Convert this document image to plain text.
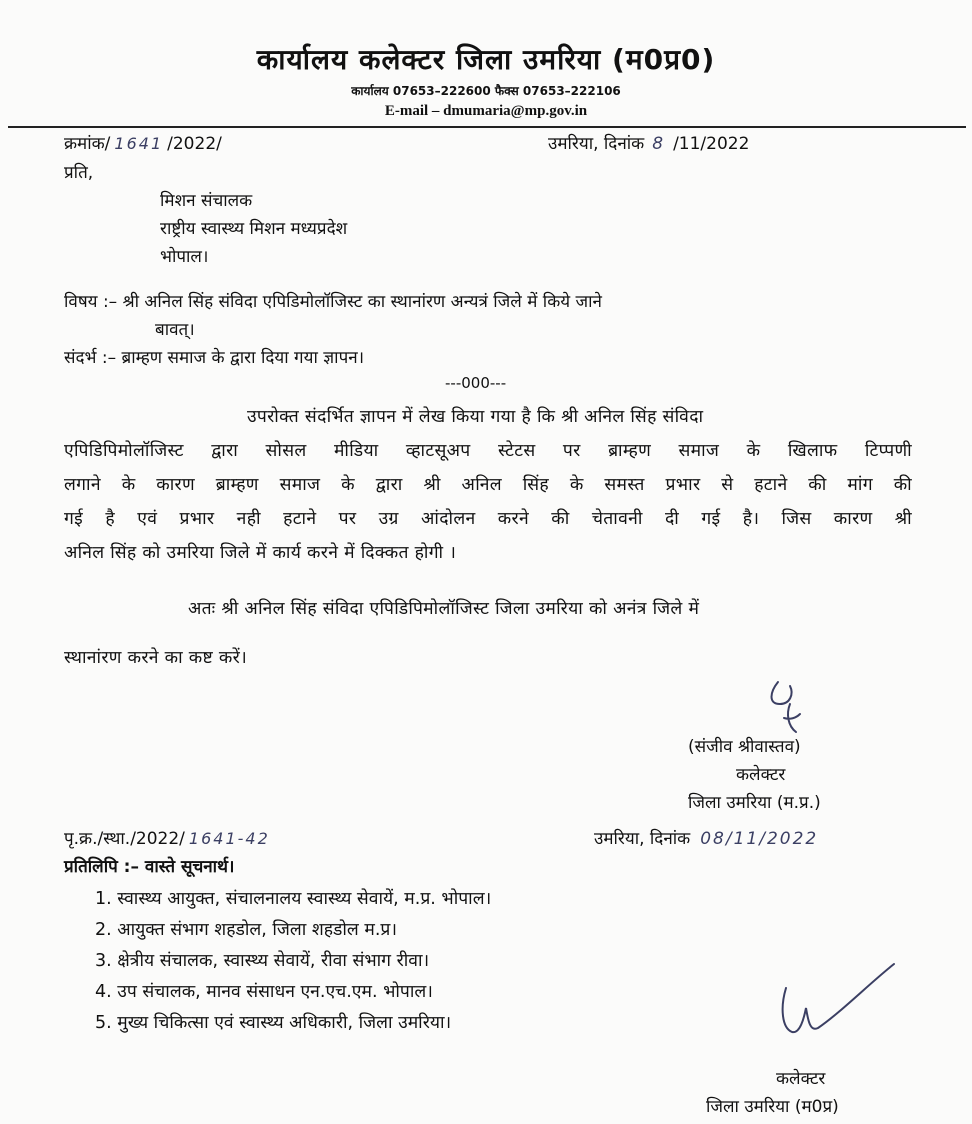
कार्यालय कलेक्टर जिला उमरिया (म0प्र0)
कार्यालय 07653–222600 फैक्स 07653–222106
E-mail – dmumaria@mp.gov.in
क्रमांक/ 1641 /2022/	उमरिया, दिनांक 8 /11/2022
प्रति,
मिशन संचालक
राष्ट्रीय स्वास्थ्य मिशन मध्यप्रदेश
भोपाल।
विषय :– श्री अनिल सिंह संविदा एपिडिमोलॉजिस्ट का स्थानांरण अन्यत्रं जिले में किये जाने
बावत्।
संदर्भ :– ब्राम्हण समाज के द्वारा दिया गया ज्ञापन।
---000---
उपरोक्त संदर्भित ज्ञापन में लेख किया गया है कि श्री अनिल सिंह संविदा
एपिडिपिमोलॉजिस्ट द्वारा सोसल मीडिया व्हाटसूअप स्टेटस पर ब्राम्हण समाज के खिलाफ टिप्पणी
लगाने के कारण ब्राम्हण समाज के द्वारा श्री अनिल सिंह के समस्त प्रभार से हटाने की मांग की
गई है एवं प्रभार नही हटाने पर उग्र आंदोलन करने की चेतावनी दी गई है। जिस कारण श्री
अनिल सिंह को उमरिया जिले में कार्य करने में दिक्कत होगी ।
अतः श्री अनिल सिंह संविदा एपिडिपिमोलॉजिस्ट जिला उमरिया को अनंत्र जिले में
स्थानांरण करने का कष्ट करें।
(संजीव श्रीवास्तव)
कलेक्टर
जिला उमरिया (म.प्र.)
पृ.क्र./स्था./2022/ 1641-42	उमरिया, दिनांक 08/11/2022
प्रतिलिपि :– वास्ते सूचनार्थ।
1. स्वास्थ्य आयुक्त, संचालनालय स्वास्थ्य सेवायें, म.प्र. भोपाल।
2. आयुक्त संभाग शहडोल, जिला शहडोल म.प्र।
3. क्षेत्रीय संचालक, स्वास्थ्य सेवायें, रीवा संभाग रीवा।
4. उप संचालक, मानव संसाधन एन.एच.एम. भोपाल।
5. मुख्य चिकित्सा एवं स्वास्थ्य अधिकारी, जिला उमरिया।
कलेक्टर
जिला उमरिया (म0प्र)
